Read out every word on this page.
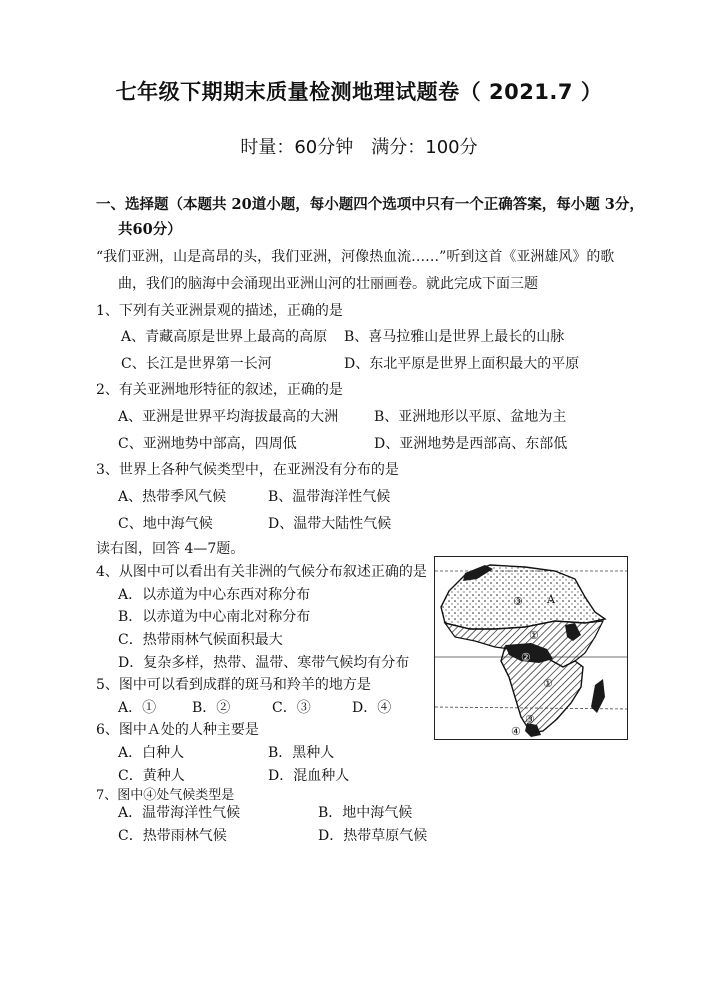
七年级下期期末质量检测地理试题卷（ 2021.7 ）
时量：60分钟　满分：100分
一、选择题（本题共 20道小题，每小题四个选项中只有一个正确答案，每小题 3分，
共60分）
“我们亚洲，山是高昂的头，我们亚洲，河像热血流……”听到这首《亚洲雄风》的歌
曲，我们的脑海中会涌现出亚洲山河的壮丽画卷。就此完成下面三题
1、下列有关亚洲景观的描述，正确的是
A、青藏高原是世界上最高的高原 B、喜马拉雅山是世界上最长的山脉
C、长江是世界第一长河	D、东北平原是世界上面积最大的平原
2、有关亚洲地形特征的叙述，正确的是
A、亚洲是世界平均海拔最高的大洲	B、亚洲地形以平原、盆地为主
C、亚洲地势中部高，四周低	D、亚洲地势是西部高、东部低
3、世界上各种气候类型中，在亚洲没有分布的是
A、热带季风气候	B、温带海洋性气候
C、地中海气候	D、温带大陆性气候
读右图，回答 4—7题。
4、从图中可以看出有关非洲的气候分布叙述正确的是
A．以赤道为中心东西对称分布
B．以赤道为中心南北对称分布
C．热带雨林气候面积最大
D．复杂多样，热带、温带、寒带气候均有分布
5、图中可以看到成群的斑马和羚羊的地方是
A．①	B．②	C．③	D．④
6、图中Ａ处的人种主要是
A．白种人	B．黑种人
C．黄种人	D．混血种人
7、图中④处气候类型是
A．温带海洋性气候	B．地中海气候
C．热带雨林气候	D．热带草原气候
③ A
①
②
①
③
④
